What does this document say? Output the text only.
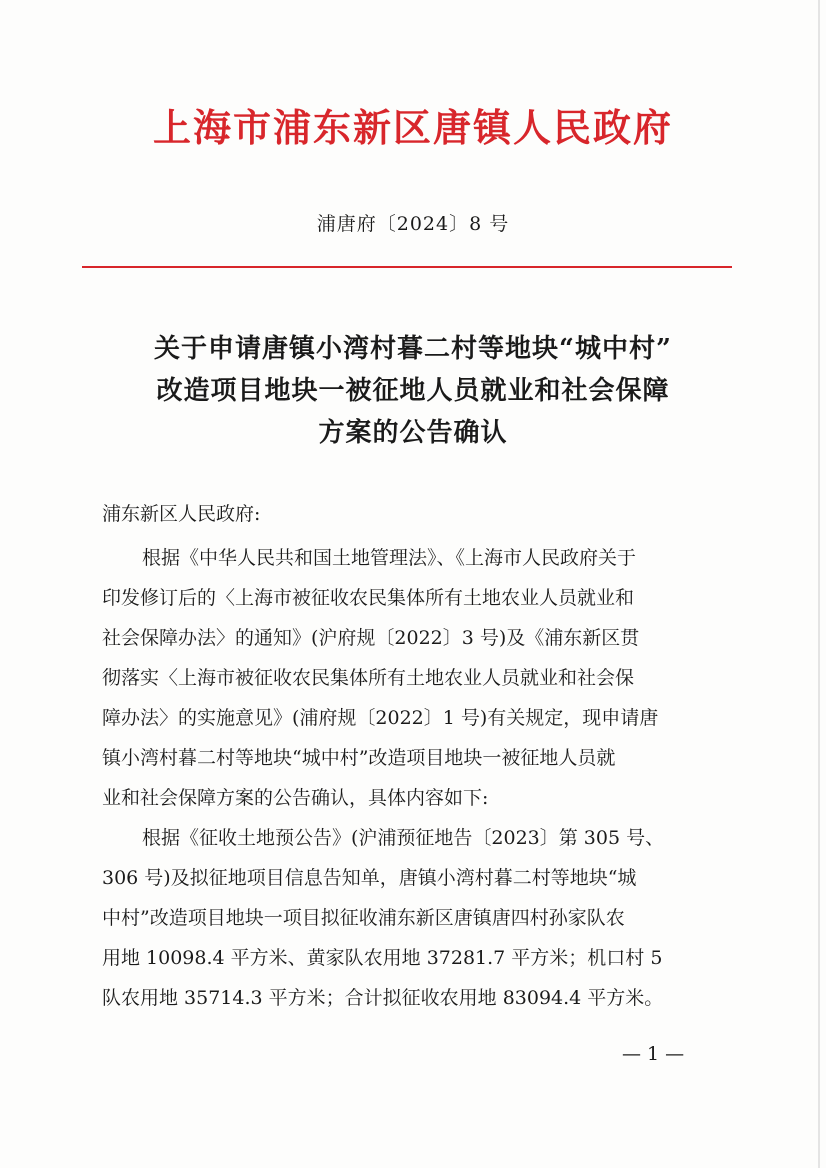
上海市浦东新区唐镇人民政府
浦唐府〔2024〕8 号
关于申请唐镇小湾村暮二村等地块“城中村”
改造项目地块一被征地人员就业和社会保障
方案的公告确认
浦东新区人民政府:
根据《中华人民共和国土地管理法》、《上海市人民政府关于
印发修订后的〈上海市被征收农民集体所有土地农业人员就业和
社会保障办法〉的通知》(沪府规〔2022〕3 号)及《浦东新区贯
彻落实〈上海市被征收农民集体所有土地农业人员就业和社会保
障办法〉的实施意见》(浦府规〔2022〕1 号)有关规定，现申请唐
镇小湾村暮二村等地块“城中村”改造项目地块一被征地人员就
业和社会保障方案的公告确认，具体内容如下:
根据《征收土地预公告》(沪浦预征地告〔2023〕第 305 号、
306 号)及拟征地项目信息告知单，唐镇小湾村暮二村等地块“城
中村”改造项目地块一项目拟征收浦东新区唐镇唐四村孙家队农
用地 10098.4 平方米、黄家队农用地 37281.7 平方米；机口村 5
队农用地 35714.3 平方米；合计拟征收农用地 83094.4 平方米。
— 1 —
